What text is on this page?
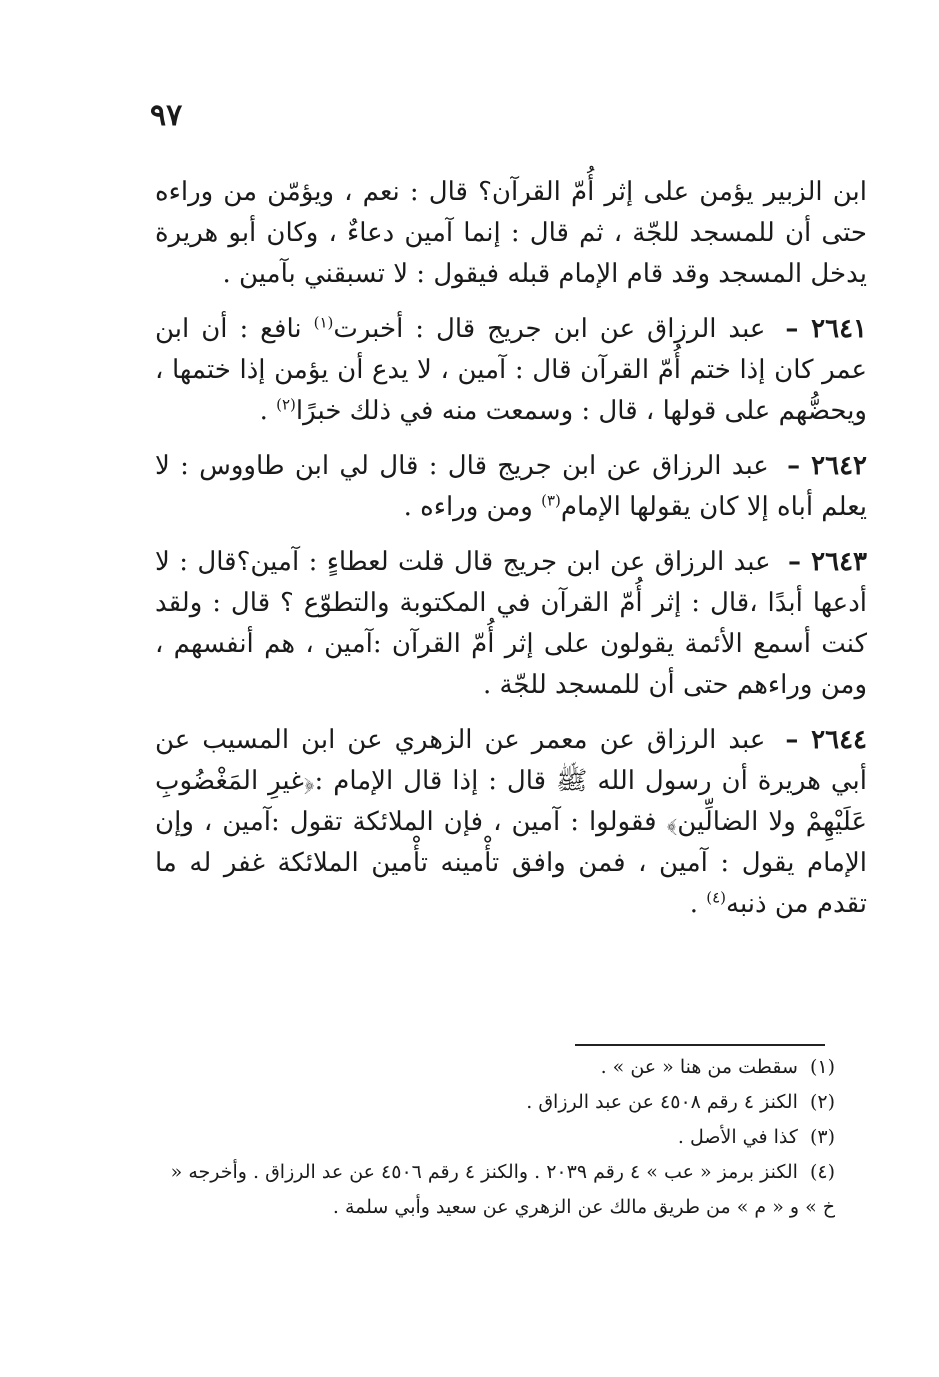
٩٧

ابن الزبير يؤمن على إثر أُمّ القرآن؟ قال : نعم ، ويؤمّن من وراءه حتى أن للمسجد للجّة ، ثم قال : إنما آمين دعاءٌ ، وكان أبو هريرة يدخل المسجد وقد قام الإمام قبله فيقول : لا تسبقني بآمين .

٢٦٤١ – عبد الرزاق عن ابن جريج قال : أخبرت$^{(١)}$ نافع : أن ابن عمر كان إذا ختم أُمّ القرآن قال : آمين ، لا يدع أن يؤمن إذا ختمها ، ويحضُّهم على قولها ، قال : وسمعت منه في ذلك خبرًا$^{(٢)}$ .

٢٦٤٢ – عبد الرزاق عن ابن جريج قال : قال لي ابن طاووس : لا يعلم أباه إلا كان يقولها الإمام$^{(٣)}$ ومن وراءه .

٢٦٤٣ – عبد الرزاق عن ابن جريج قال قلت لعطاءٍ : آمين؟قال : لا أدعها أبدًا ،قال : إثر أُمّ القرآن في المكتوبة والتطوّع ؟ قال : ولقد كنت أسمع الأئمة يقولون على إثر أُمّ القرآن :آمين ، هم أنفسهم ، ومن وراءهم حتى أن للمسجد للجّة .

٢٦٤٤ – عبد الرزاق عن معمر عن الزهري عن ابن المسيب عن أبي هريرة أن رسول الله ﷺ قال : إذا قال الإمام :﴿غيرِ المَغْضُوبِ عَلَيْهِمْ ولا الضالِّين﴾ فقولوا : آمين ، فإن الملائكة تقول :آمين ، وإن الإمام يقول : آمين ، فمن وافق تأْمينه تأْمين الملائكة غفر له ما تقدم من ذنبه$^{(٤)}$ .

(١) سقطت من هنا « عن » .

(٢) الكنز ٤ رقم ٤٥٠٨ عن عبد الرزاق .

(٣) كذا في الأصل .

(٤) الكنز برمز « عب » ٤ رقم ٢٠٣٩ . والكنز ٤ رقم ٤٥٠٦ عن عد الرزاق . وأخرجه « خ » و « م » من طريق مالك عن الزهري عن سعيد وأبي سلمة .
